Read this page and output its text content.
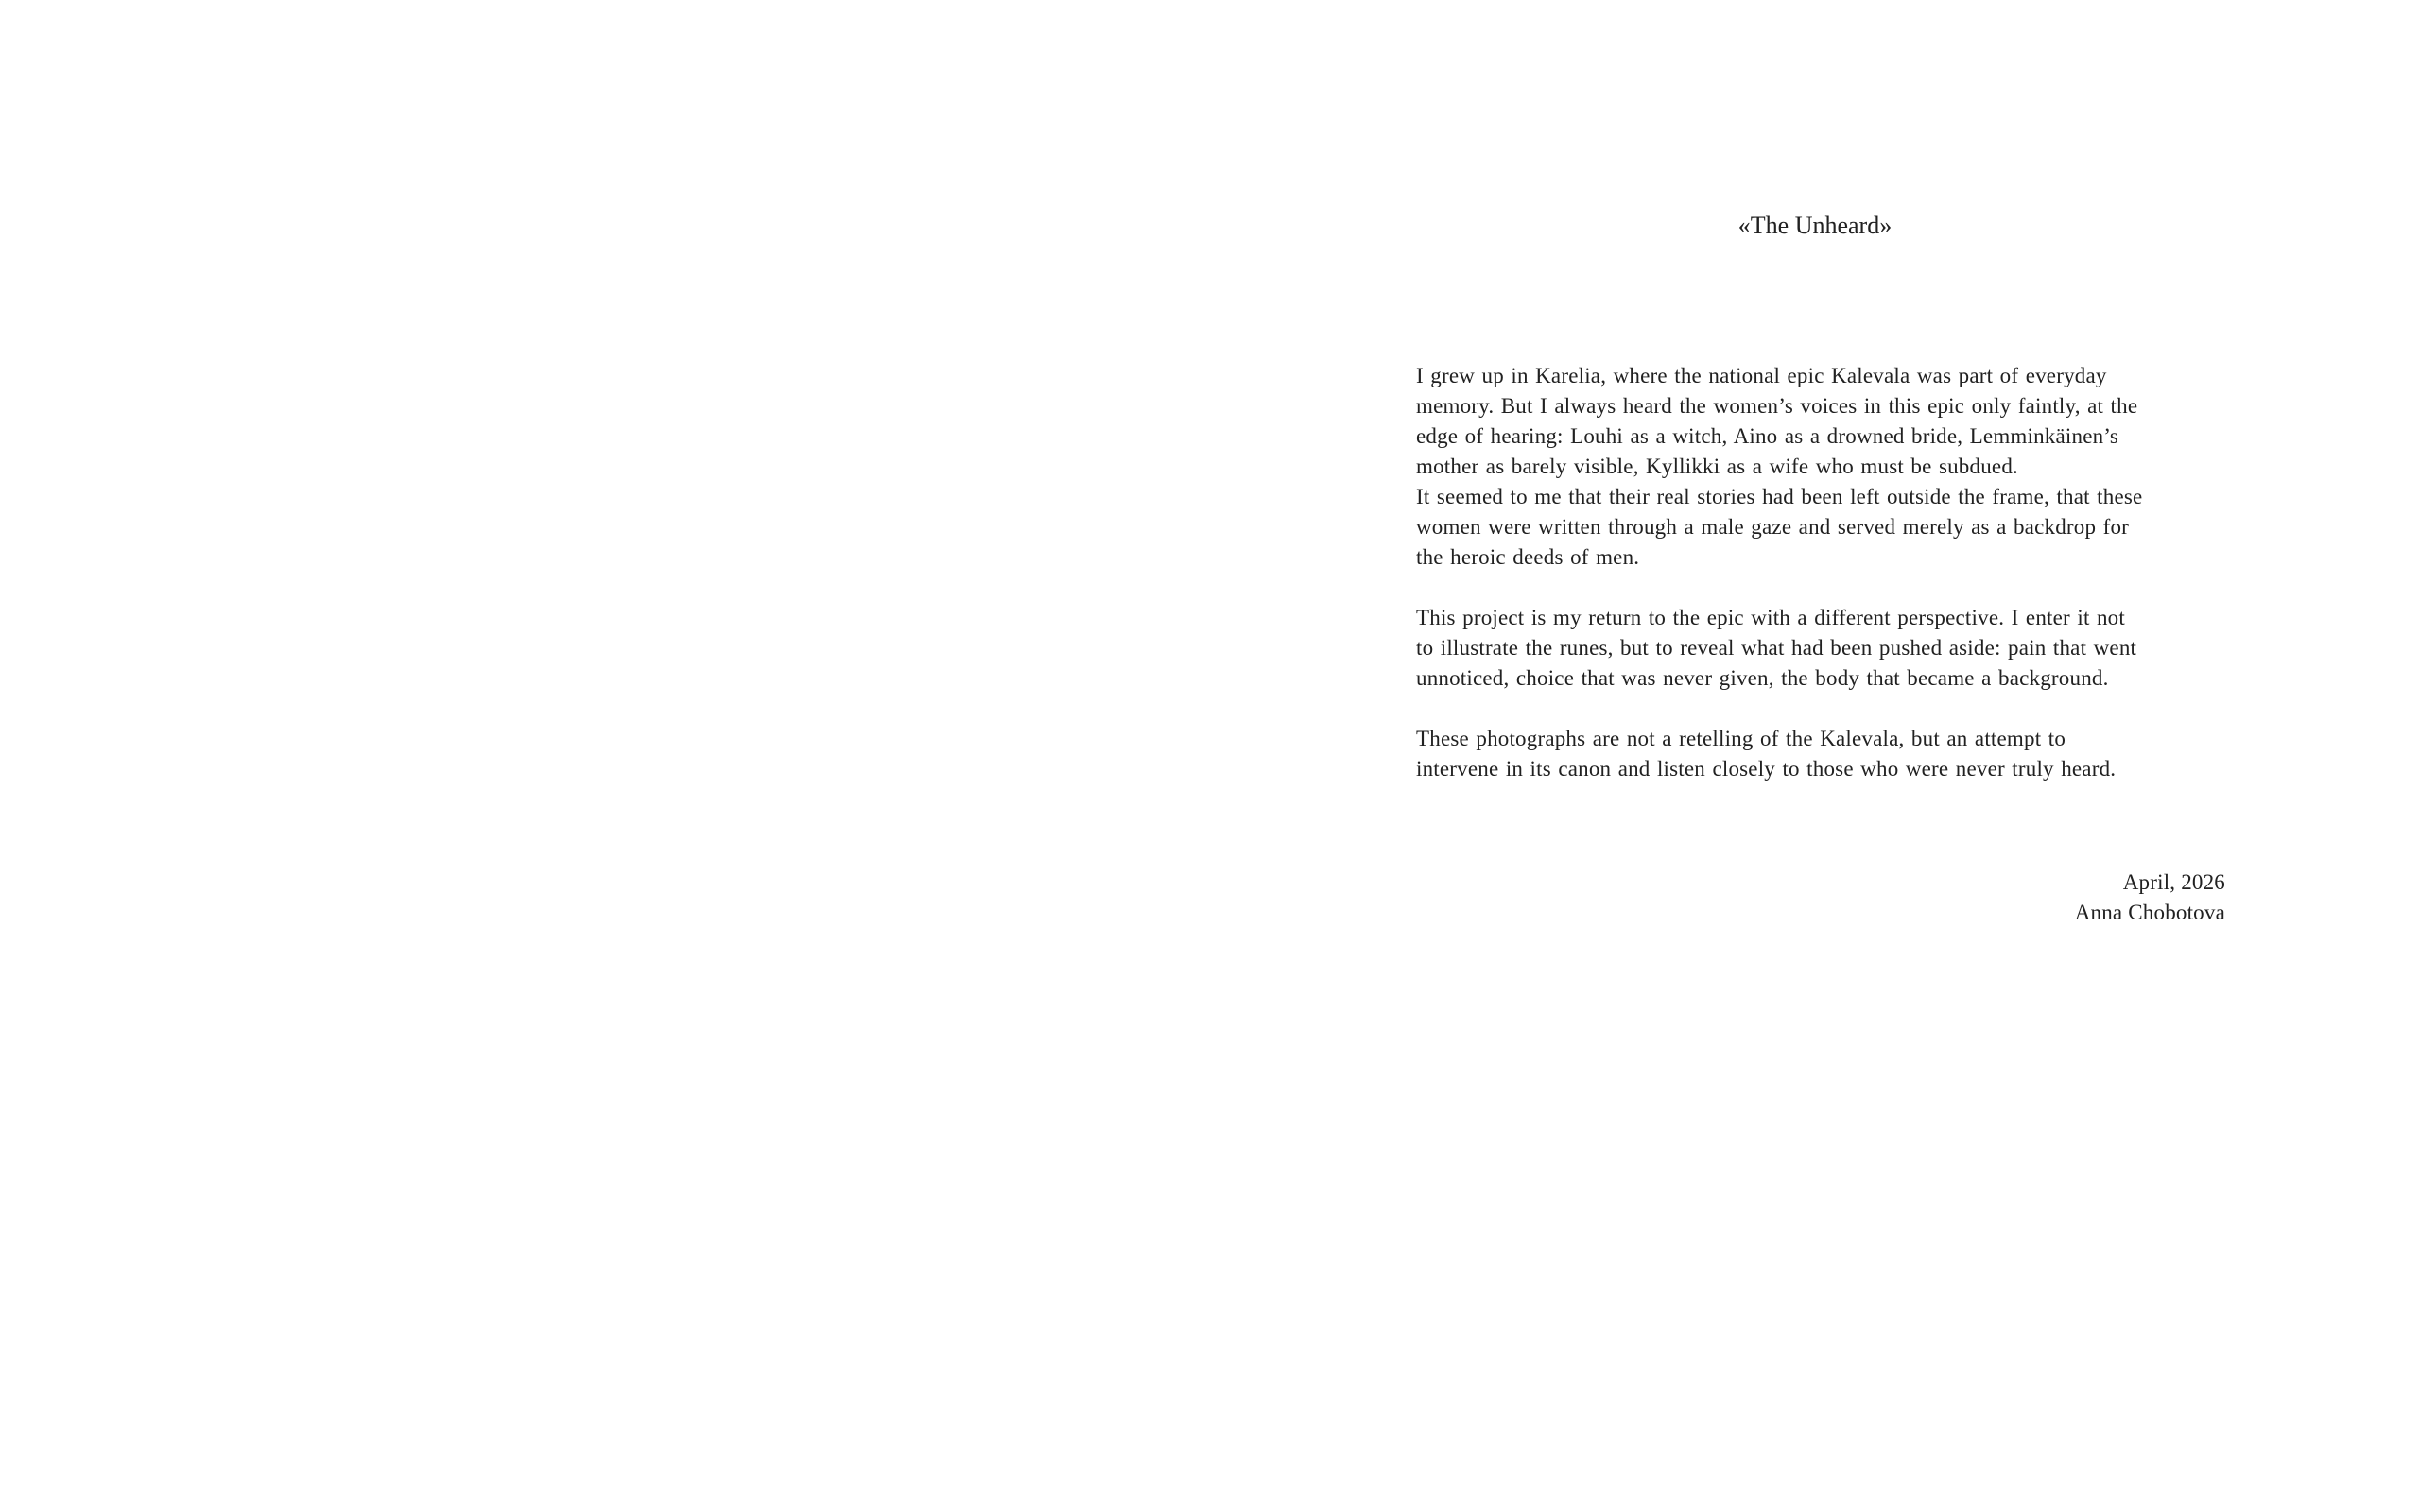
«The Unheard»
I grew up in Karelia, where the national epic Kalevala was part of everyday
memory. But I always heard the women’s voices in this epic only faintly, at the
edge of hearing: Louhi as a witch, Aino as a drowned bride, Lemminkäinen’s
mother as barely visible, Kyllikki as a wife who must be subdued.
It seemed to me that their real stories had been left outside the frame, that these
women were written through a male gaze and served merely as a backdrop for
the heroic deeds of men.
This project is my return to the epic with a different perspective. I enter it not
to illustrate the runes, but to reveal what had been pushed aside: pain that went
unnoticed, choice that was never given, the body that became a background.
These photographs are not a retelling of the Kalevala, but an attempt to
intervene in its canon and listen closely to those who were never truly heard.
April, 2026
Anna Chobotova
